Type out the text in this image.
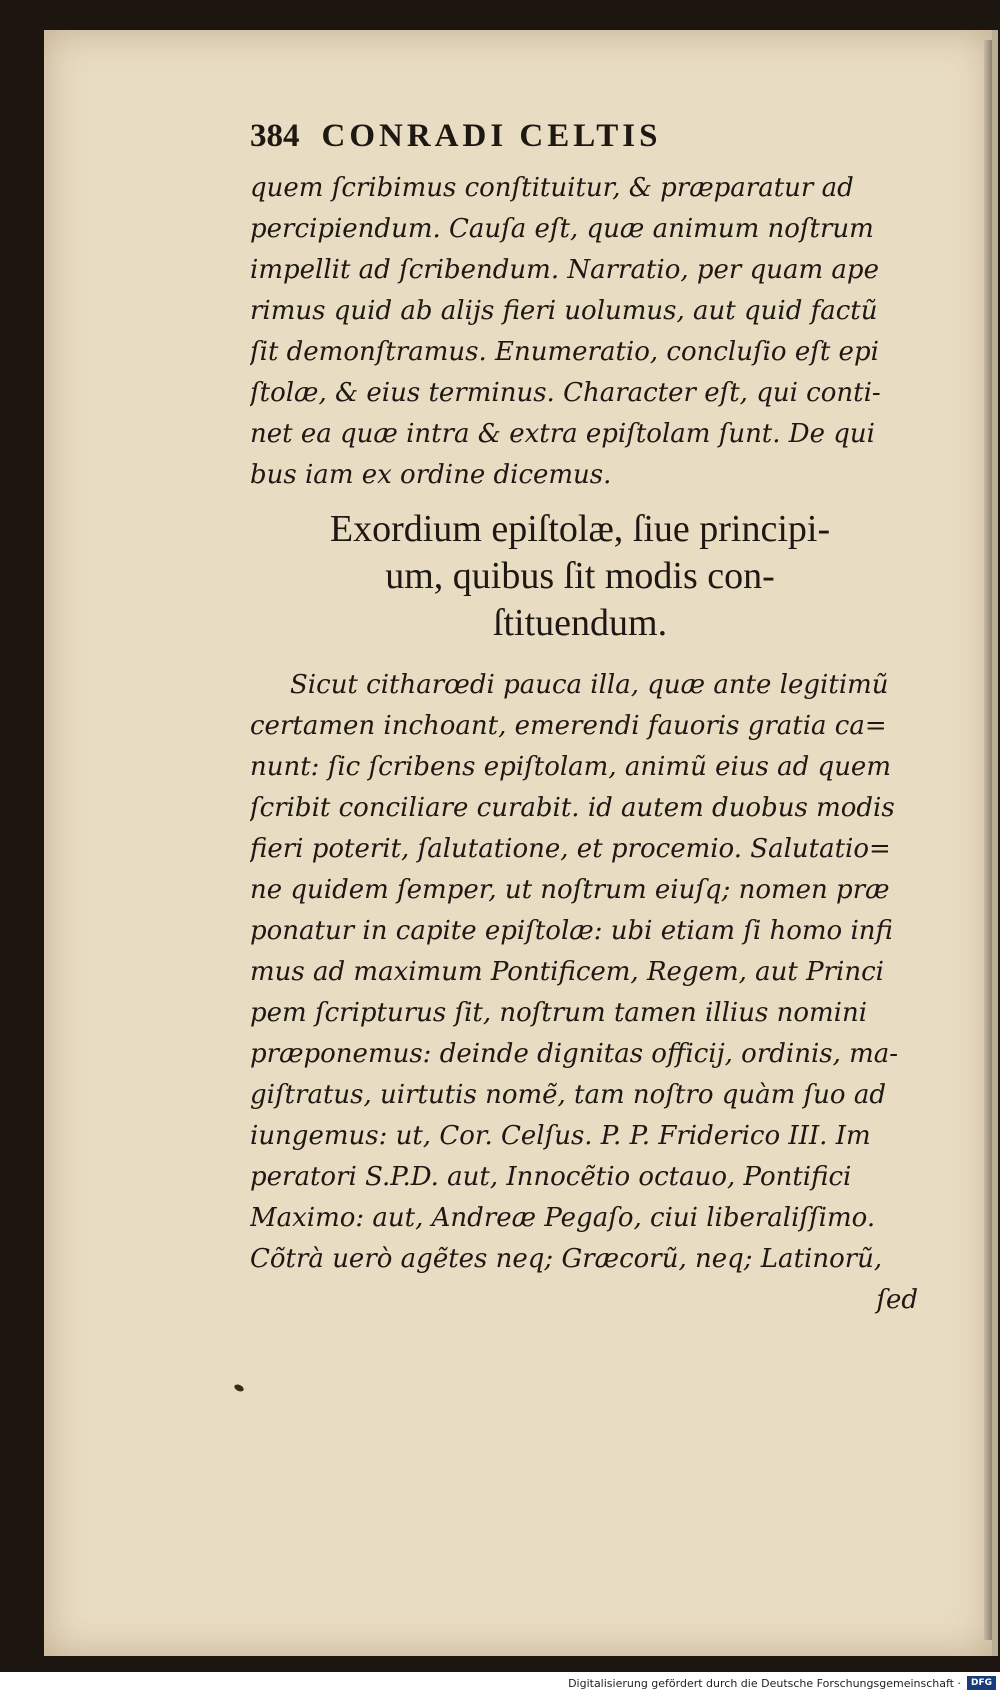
384 CONRADI CELTIS
quem ſcribimus conſtituitur, & præparatur ad
percipiendum. Cauſa eſt, quæ animum noſtrum
impellit ad ſcribendum. Narratio, per quam ape
rimus quid ab alijs fieri uolumus, aut quid factũ
ſit demonſtramus. Enumeratio, concluſio eſt epi
ſtolæ, & eius terminus. Character eſt, qui conti-
net ea quæ intra & extra epiſtolam ſunt. De qui
bus iam ex ordine dicemus.
Exordium epiſtolæ, ſiue principi-
um, quibus ſit modis con-
ſtituendum.
Sicut citharœdi pauca illa, quæ ante legitimũ
certamen inchoant, emerendi fauoris gratia ca=
nunt: ſic ſcribens epiſtolam, animũ eius ad quem
ſcribit conciliare curabit. id autem duobus modis
fieri poterit, ſalutatione, et procemio. Salutatio=
ne quidem ſemper, ut noſtrum eiuſq; nomen præ
ponatur in capite epiſtolæ: ubi etiam ſi homo infi
mus ad maximum Pontificem, Regem, aut Princi
pem ſcripturus ſit, noſtrum tamen illius nomini
præponemus: deinde dignitas officij, ordinis, ma-
giſtratus, uirtutis nomẽ, tam noſtro quàm ſuo ad
iungemus: ut, Cor. Celſus. P. P. Friderico III. Im
peratori S.P.D. aut, Innocẽtio octauo, Pontifici
Maximo: aut, Andreæ Pegaſo, ciui liberaliſſimo.
Cõtrà uerò agẽtes neq; Græcorũ, neq; Latinorũ,
ſed
Digitalisierung gefördert durch die Deutsche Forschungsgemeinschaft ·	DFG
